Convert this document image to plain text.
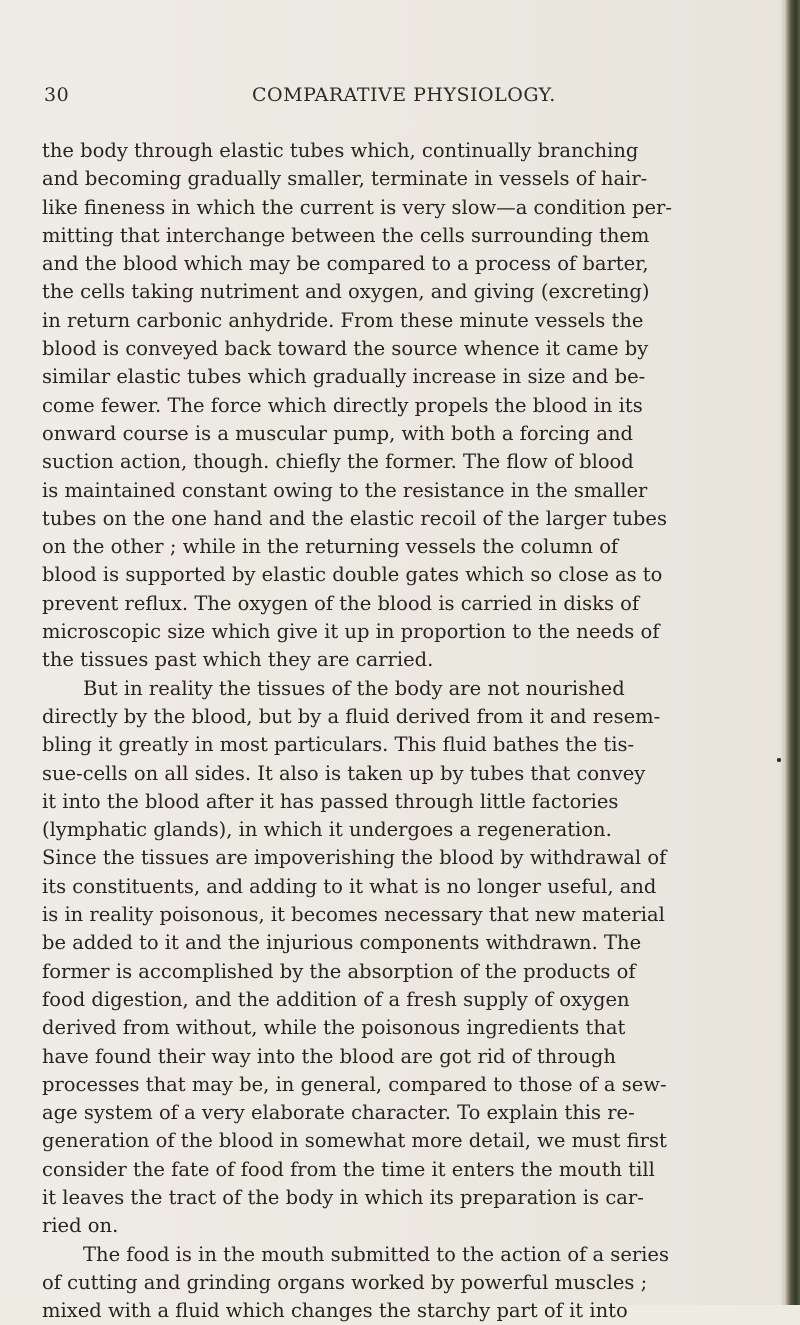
30	COMPARATIVE PHYSIOLOGY.
the body through elastic tubes which, continually branching
and becoming gradually smaller, terminate in vessels of hair-
like fineness in which the current is very slow—a condition per-
mitting that interchange between the cells surrounding them
and the blood which may be compared to a process of barter,
the cells taking nutriment and oxygen, and giving (excreting)
in return carbonic anhydride. From these minute vessels the
blood is conveyed back toward the source whence it came by
similar elastic tubes which gradually increase in size and be-
come fewer. The force which directly propels the blood in its
onward course is a muscular pump, with both a forcing and
suction action, though. chiefly the former. The flow of blood
is maintained constant owing to the resistance in the smaller
tubes on the one hand and the elastic recoil of the larger tubes
on the other ; while in the returning vessels the column of
blood is supported by elastic double gates which so close as to
prevent reflux. The oxygen of the blood is carried in disks of
microscopic size which give it up in proportion to the needs of
the tissues past which they are carried.
But in reality the tissues of the body are not nourished
directly by the blood, but by a fluid derived from it and resem-
bling it greatly in most particulars. This fluid bathes the tis-
sue-cells on all sides. It also is taken up by tubes that convey
it into the blood after it has passed through little factories
(lymphatic glands), in which it undergoes a regeneration.
Since the tissues are impoverishing the blood by withdrawal of
its constituents, and adding to it what is no longer useful, and
is in reality poisonous, it becomes necessary that new material
be added to it and the injurious components withdrawn. The
former is accomplished by the absorption of the products of
food digestion, and the addition of a fresh supply of oxygen
derived from without, while the poisonous ingredients that
have found their way into the blood are got rid of through
processes that may be, in general, compared to those of a sew-
age system of a very elaborate character. To explain this re-
generation of the blood in somewhat more detail, we must first
consider the fate of food from the time it enters the mouth till
it leaves the tract of the body in which its preparation is car-
ried on.
The food is in the mouth submitted to the action of a series
of cutting and grinding organs worked by powerful muscles ;
mixed with a fluid which changes the starchy part of it into
